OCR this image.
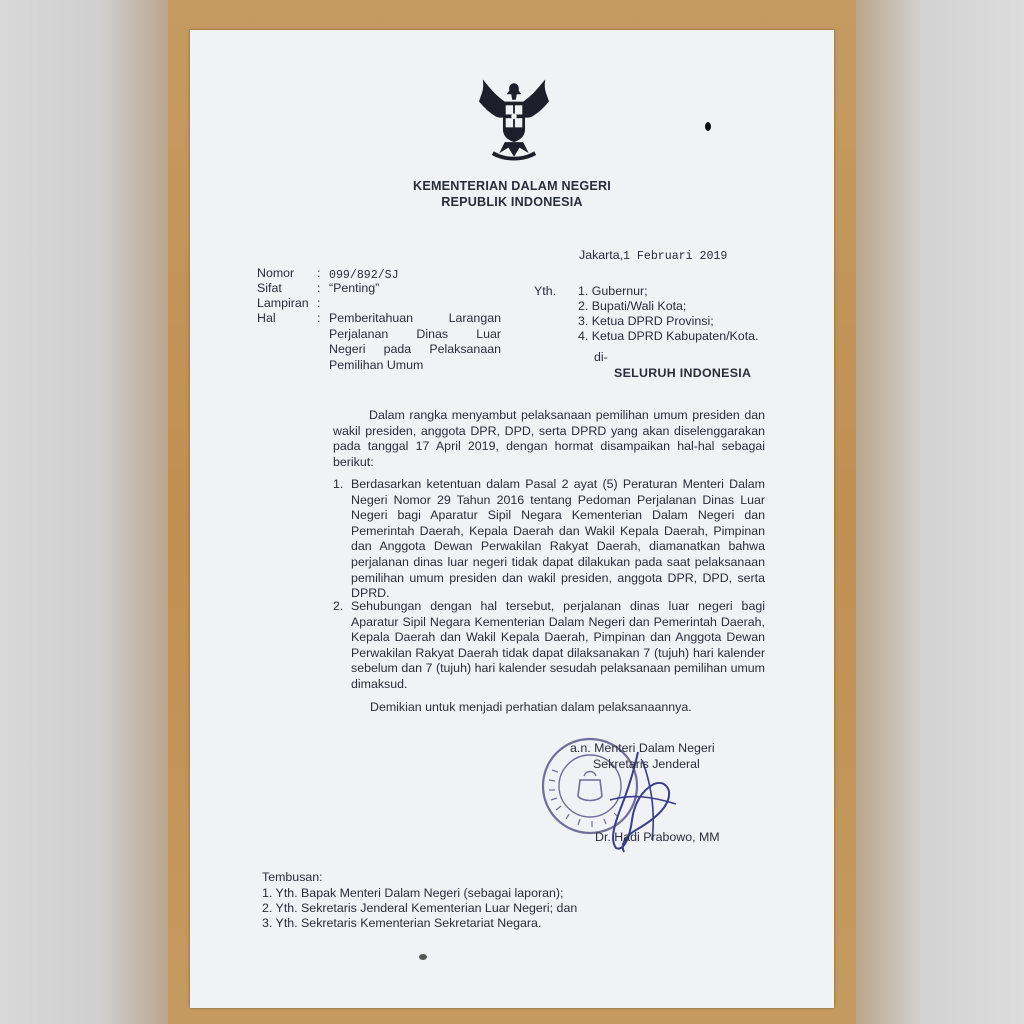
KEMENTERIAN DALAM NEGERI

REPUBLIK INDONESIA

Jakarta, 1 Februari 2019

Nomor	: 099/892/SJ

Sifat	: “Penting”

Lampiran :

Hal	: Pemberitahuan Larangan
Perjalanan Dinas Luar
Negeri pada Pelaksanaan
Pemilihan Umum

Yth. 1. Gubernur;

2. Bupati/Wali Kota;

3. Ketua DPRD Provinsi;

4. Ketua DPRD Kabupaten/Kota.

di-

SELURUH INDONESIA

Dalam rangka menyambut pelaksanaan pemilihan umum presiden dan wakil presiden, anggota DPR, DPD, serta DPRD yang akan diselenggarakan pada tanggal 17 April 2019, dengan hormat disampaikan hal-hal sebagai berikut:

1. Berdasarkan ketentuan dalam Pasal 2 ayat (5) Peraturan Menteri Dalam Negeri Nomor 29 Tahun 2016 tentang Pedoman Perjalanan Dinas Luar Negeri bagi Aparatur Sipil Negara Kementerian Dalam Negeri dan Pemerintah Daerah, Kepala Daerah dan Wakil Kepala Daerah, Pimpinan dan Anggota Dewan Perwakilan Rakyat Daerah, diamanatkan bahwa perjalanan dinas luar negeri tidak dapat dilakukan pada saat pelaksanaan pemilihan umum presiden dan wakil presiden, anggota DPR, DPD, serta DPRD.
2. Sehubungan dengan hal tersebut, perjalanan dinas luar negeri bagi Aparatur Sipil Negara Kementerian Dalam Negeri dan Pemerintah Daerah, Kepala Daerah dan Wakil Kepala Daerah, Pimpinan dan Anggota Dewan Perwakilan Rakyat Daerah tidak dapat dilaksanakan 7 (tujuh) hari kalender sebelum dan 7 (tujuh) hari kalender sesudah pelaksanaan pemilihan umum dimaksud.

Demikian untuk menjadi perhatian dalam pelaksanaannya.

a.n. Menteri Dalam Negeri

Sekretaris Jenderal

Dr. Hadi Prabowo, MM

Tembusan:

1. Yth. Bapak Menteri Dalam Negeri (sebagai laporan);

2. Yth. Sekretaris Jenderal Kementerian Luar Negeri; dan

3. Yth. Sekretaris Kementerian Sekretariat Negara.
